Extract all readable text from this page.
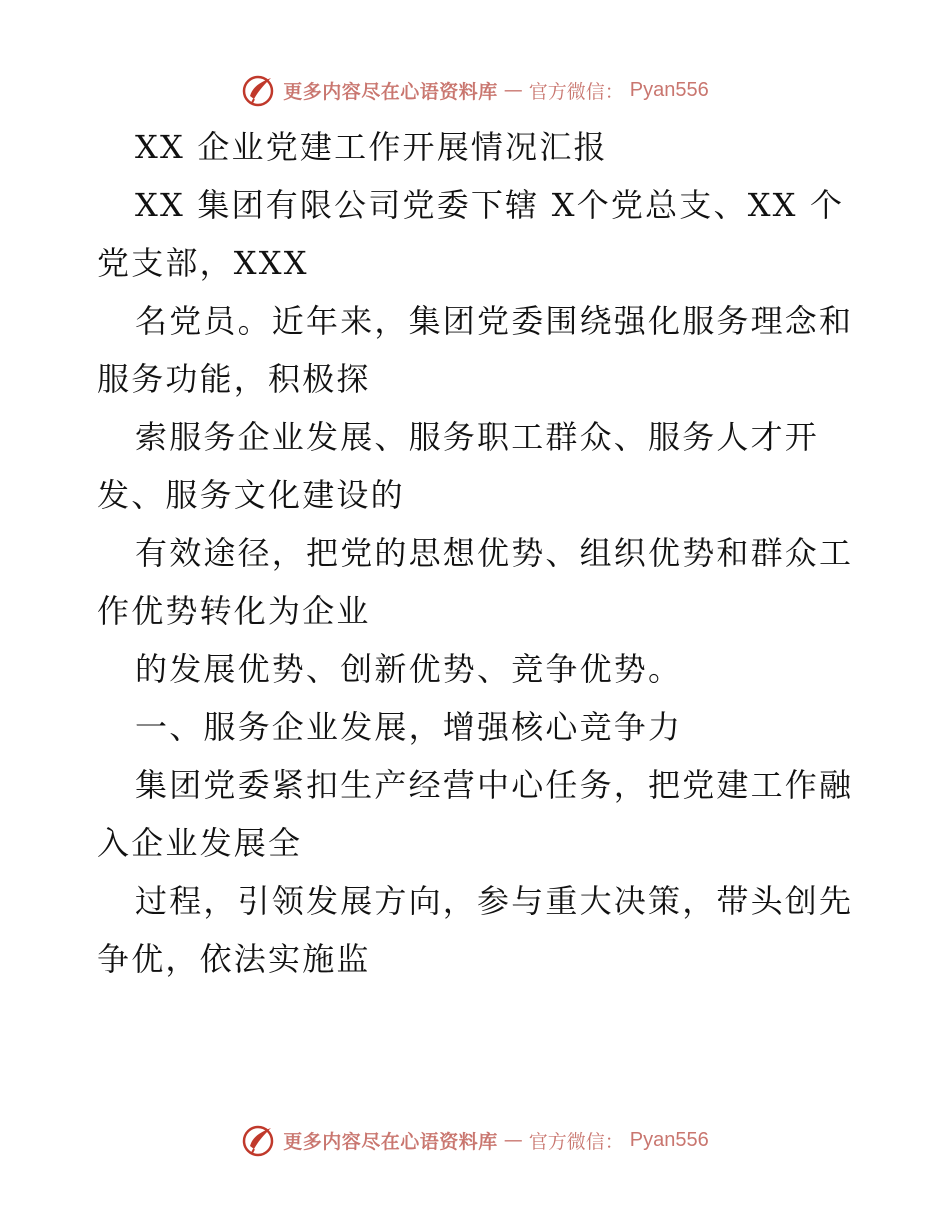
更多内容尽在心语资料库 — 官方微信： Pyan556
XX 企业党建工作开展情况汇报
XX 集团有限公司党委下辖 X个党总支、XX 个
党支部，XXX
名党员。近年来，集团党委围绕强化服务理念和
服务功能，积极探
索服务企业发展、服务职工群众、服务人才开
发、服务文化建设的
有效途径，把党的思想优势、组织优势和群众工
作优势转化为企业
的发展优势、创新优势、竞争优势。
一、服务企业发展，增强核心竞争力
集团党委紧扣生产经营中心任务，把党建工作融
入企业发展全
过程，引领发展方向，参与重大决策，带头创先
争优，依法实施监
更多内容尽在心语资料库 — 官方微信： Pyan556
